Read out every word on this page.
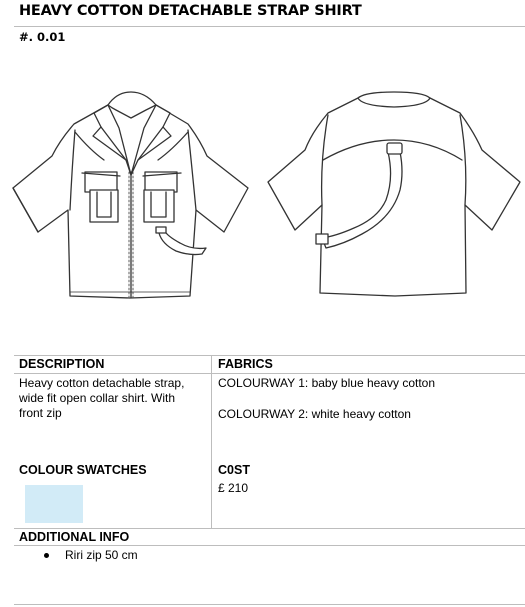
HEAVY COTTON DETACHABLE STRAP SHIRT
#. 0.01
DESCRIPTION	FABRICS
Heavy cotton detachable strap,
wide fit open collar shirt. With
front zip
COLOURWAY 1: baby blue heavy cotton
COLOURWAY 2: white heavy cotton
COLOUR SWATCHES	C0ST
£ 210
ADDITIONAL INFO
Riri zip 50 cm
